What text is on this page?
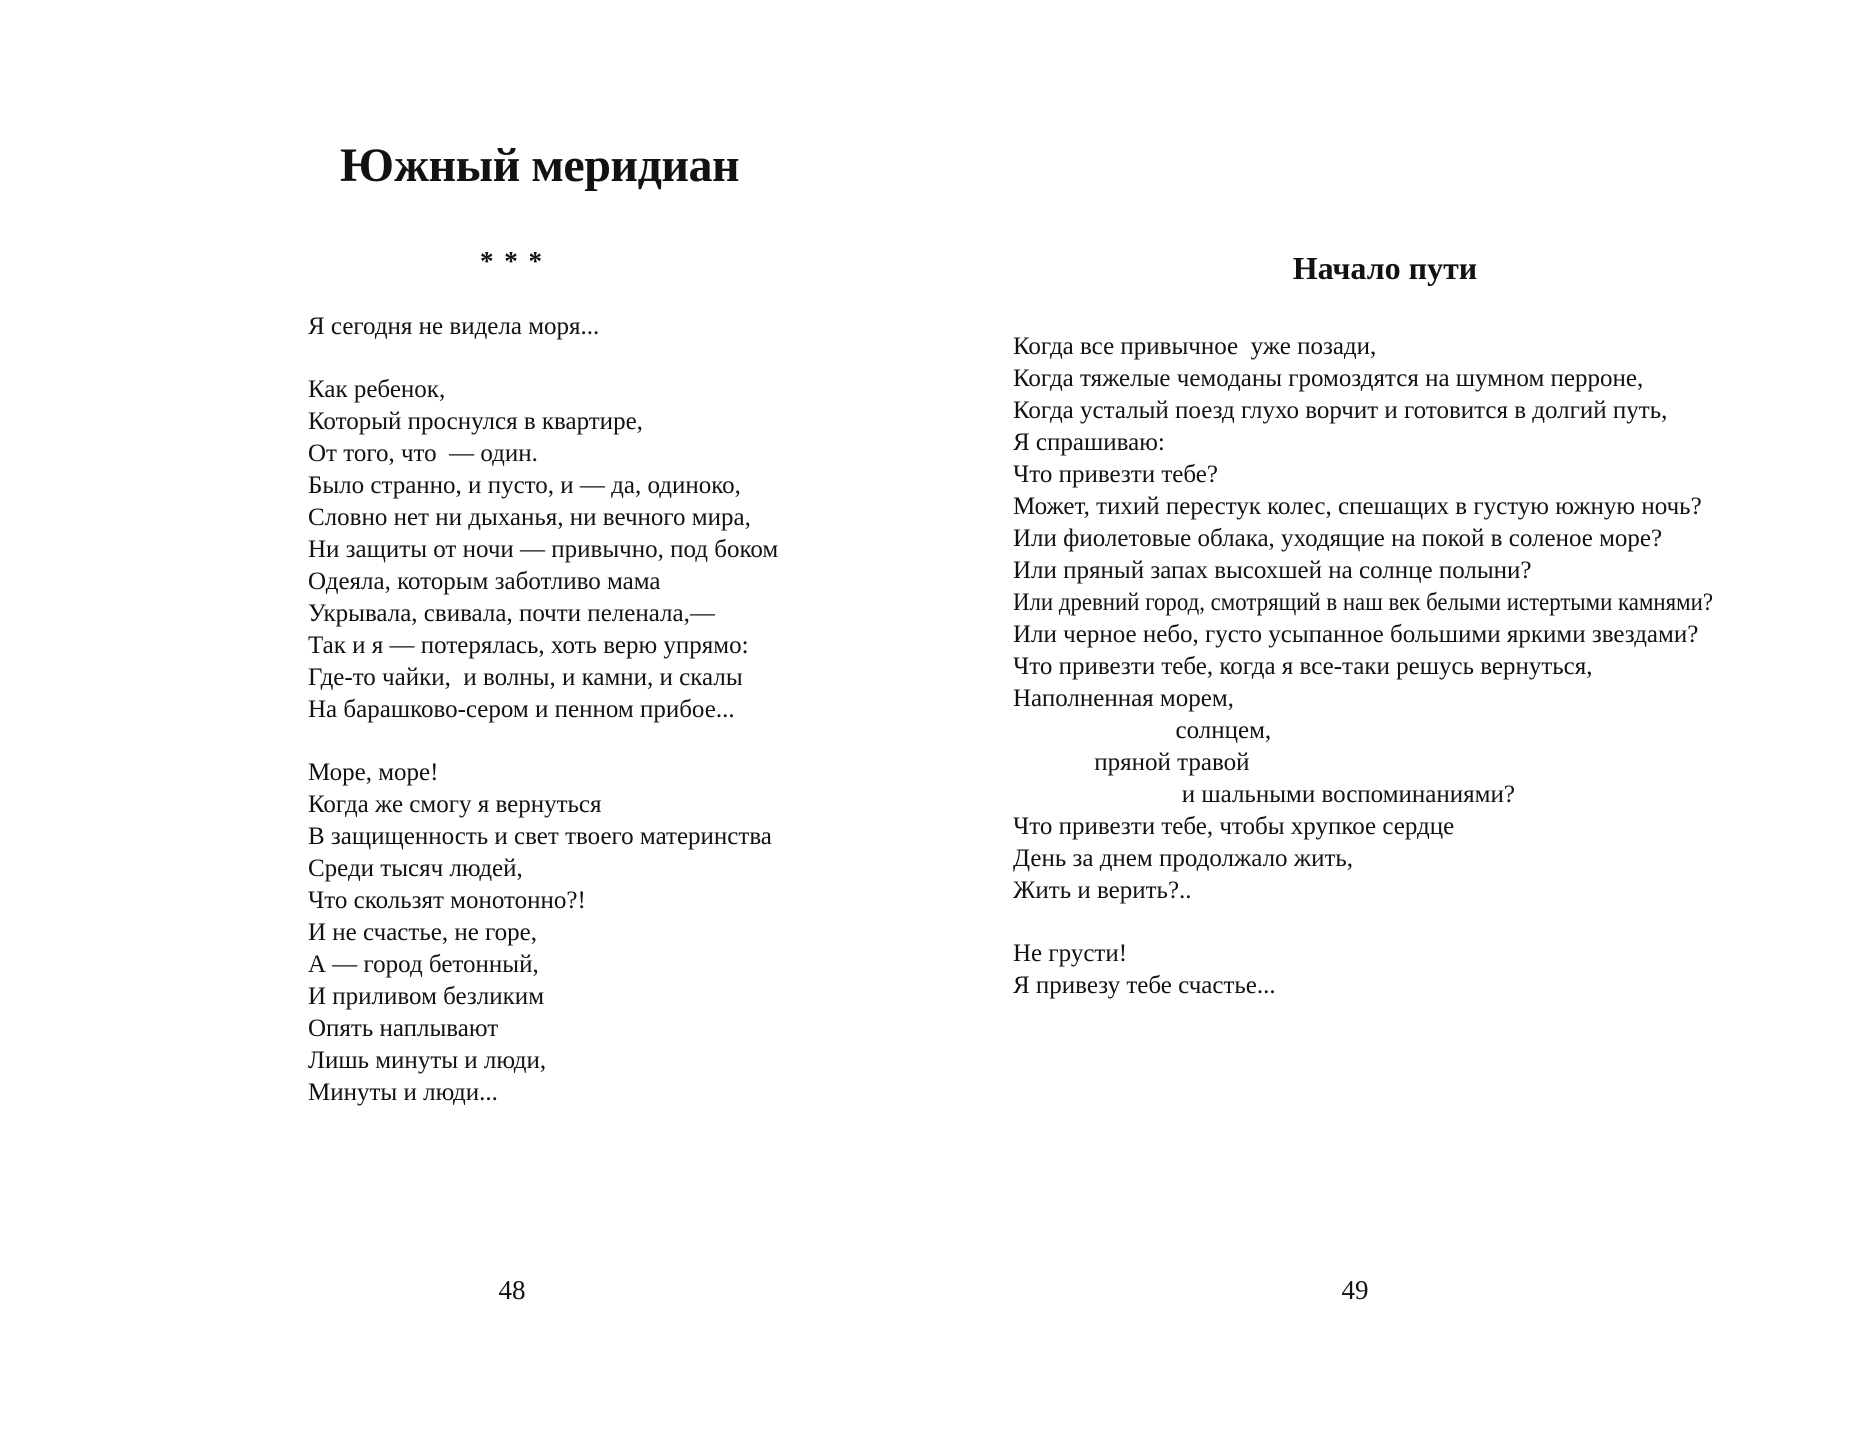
Южный меридиан
* * *
Я сегодня не видела моря...
Как ребенок,
Который проснулся в квартире,
От того, что  — один.
Было странно, и пусто, и — да, одиноко,
Словно нет ни дыханья, ни вечного мира,
Ни защиты от ночи — привычно, под боком
Одеяла, которым заботливо мама
Укрывала, свивала, почти пеленала,—
Так и я — потерялась, хоть верю упрямо:
Где-то чайки,  и волны, и камни, и скалы
На барашково-сером и пенном прибое...
Море, море!
Когда же смогу я вернуться
В защищенность и свет твоего материнства
Среди тысяч людей,
Что скользят монотонно?!
И не счастье, не горе,
А — город бетонный,
И приливом безликим
Опять наплывают
Лишь минуты и люди,
Минуты и люди...
48
Начало пути
Когда все привычное  уже позади,
Когда тяжелые чемоданы громоздятся на шумном перроне,
Когда усталый поезд глухо ворчит и готовится в долгий путь,
Я спрашиваю:
Что привезти тебе?
Может, тихий перестук колес, спешащих в густую южную ночь?
Или фиолетовые облака, уходящие на покой в соленое море?
Или пряный запах высохшей на солнце полыни?
Или древний город, смотрящий в наш век белыми истертыми камнями?
Или черное небо, густо усыпанное большими яркими звездами?
Что привезти тебе, когда я все-таки решусь вернуться,
Наполненная морем,
солнцем,
пряной травой
и шальными воспоминаниями?
Что привезти тебе, чтобы хрупкое сердце
День за днем продолжало жить,
Жить и верить?..
Не грусти!
Я привезу тебе счастье...
49
